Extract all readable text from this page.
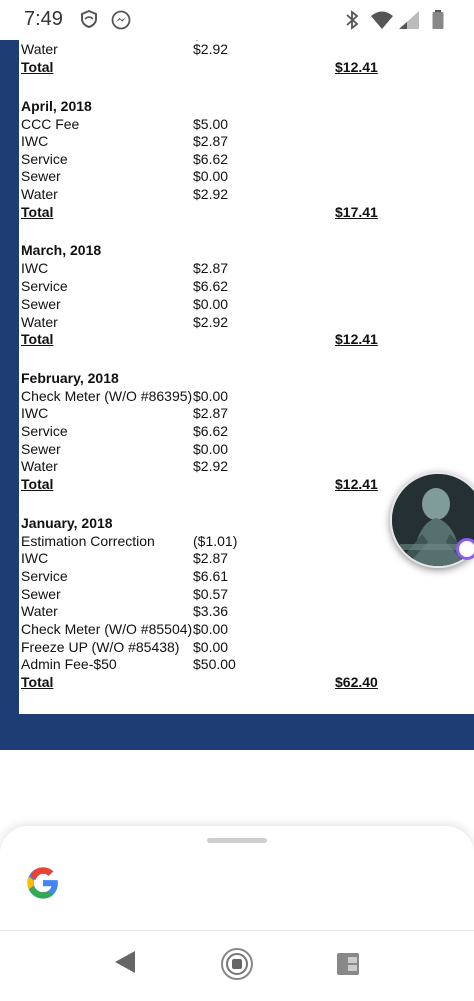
7:49
Water	$2.92
Total	$12.41
April, 2018
CCC Fee	$5.00
IWC	$2.87
Service	$6.62
Sewer	$0.00
Water	$2.92
Total	$17.41
March, 2018
IWC	$2.87
Service	$6.62
Sewer	$0.00
Water	$2.92
Total	$12.41
February, 2018
Check Meter (W/O #86395) $0.00
IWC	$2.87
Service	$6.62
Sewer	$0.00
Water	$2.92
Total	$12.41
January, 2018
Estimation Correction	($1.01)
IWC	$2.87
Service	$6.61
Sewer	$0.57
Water	$3.36
Check Meter (W/O #85504) $0.00
Freeze UP (W/O #85438) $0.00
Admin Fee-$50	$50.00
Total	$62.40
